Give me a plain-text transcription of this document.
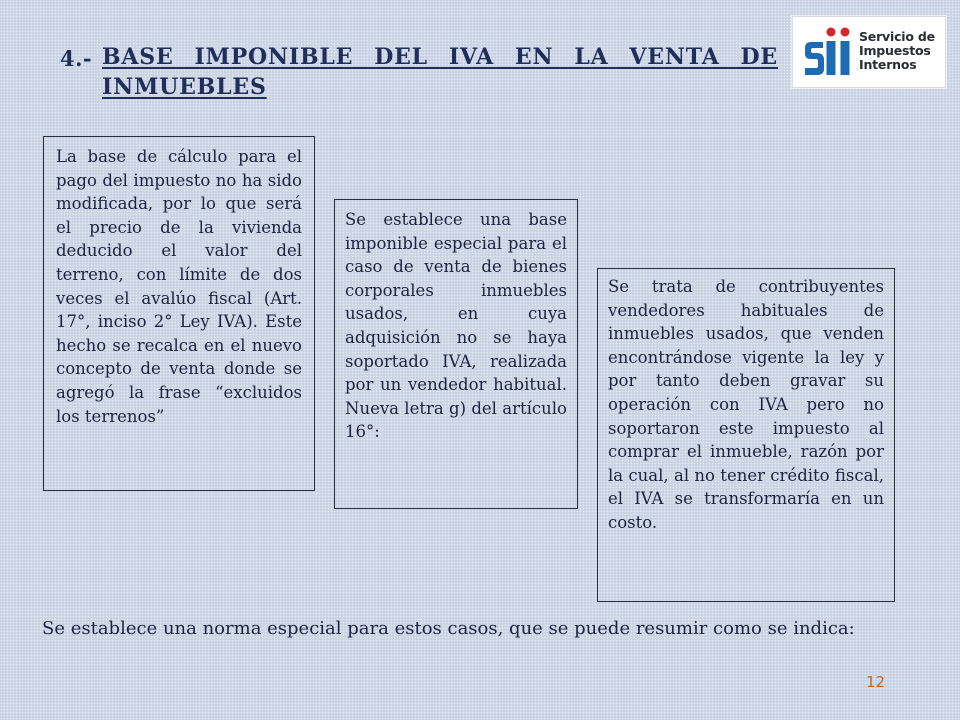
4.- BASE IMPONIBLE DEL IVA EN LA VENTA DE INMUEBLES
Servicio de
Impuestos
Internos
La base de cálculo para el pago del impuesto no ha sido modificada, por lo que será el precio de la vivienda deducido el valor del terreno, con límite de dos veces el avalúo fiscal (Art. 17°, inciso 2° Ley IVA). Este hecho se recalca en el nuevo concepto de venta donde se agregó la frase “excluidos los terrenos”
Se establece una base imponible especial para el caso de venta de bienes corporales inmuebles usados, en cuya adquisición no se haya soportado IVA, realizada por un vendedor habitual. Nueva letra g) del artículo 16°:
Se trata de contribuyentes vendedores habituales de inmuebles usados, que venden encontrándose vigente la ley y por tanto deben gravar su operación con IVA pero no soportaron este impuesto al comprar el inmueble, razón por la cual, al no tener crédito fiscal, el IVA se transformaría en un costo.
Se establece una norma especial para estos casos, que se puede resumir como se indica:
12
